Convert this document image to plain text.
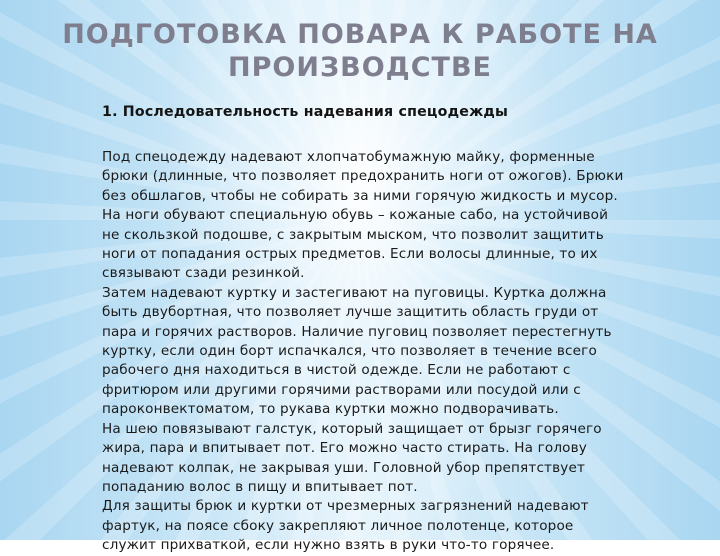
ПОДГОТОВКА ПОВАРА К РАБОТЕ НА
ПРОИЗВОДСТВЕ
1. Последовательность надевания спецодежды
Под спецодежду надевают хлопчатобумажную майку, форменные
брюки (длинные, что позволяет предохранить ноги от ожогов). Брюки
без обшлагов, чтобы не собирать за ними горячую жидкость и мусор.
На ноги обувают специальную обувь – кожаные сабо, на устойчивой
не скользкой подошве, с закрытым мыском, что позволит защитить
ноги от попадания острых предметов. Если волосы длинные, то их
связывают сзади резинкой.
Затем надевают куртку и застегивают на пуговицы. Куртка должна
быть двубортная, что позволяет лучше защитить область груди от
пара и горячих растворов. Наличие пуговиц позволяет перестегнуть
куртку, если один борт испачкался, что позволяет в течение всего
рабочего дня находиться в чистой одежде. Если не работают с
фритюром или другими горячими растворами или посудой или с
пароконвектоматом, то рукава куртки можно подворачивать.
На шею повязывают галстук, который защищает от брызг горячего
жира, пара и впитывает пот. Его можно часто стирать. На голову
надевают колпак, не закрывая уши. Головной убор препятствует
попаданию волос в пищу и впитывает пот.
Для защиты брюк и куртки от чрезмерных загрязнений надевают
фартук, на поясе сбоку закрепляют личное полотенце, которое
служит прихваткой, если нужно взять в руки что-то горячее.
